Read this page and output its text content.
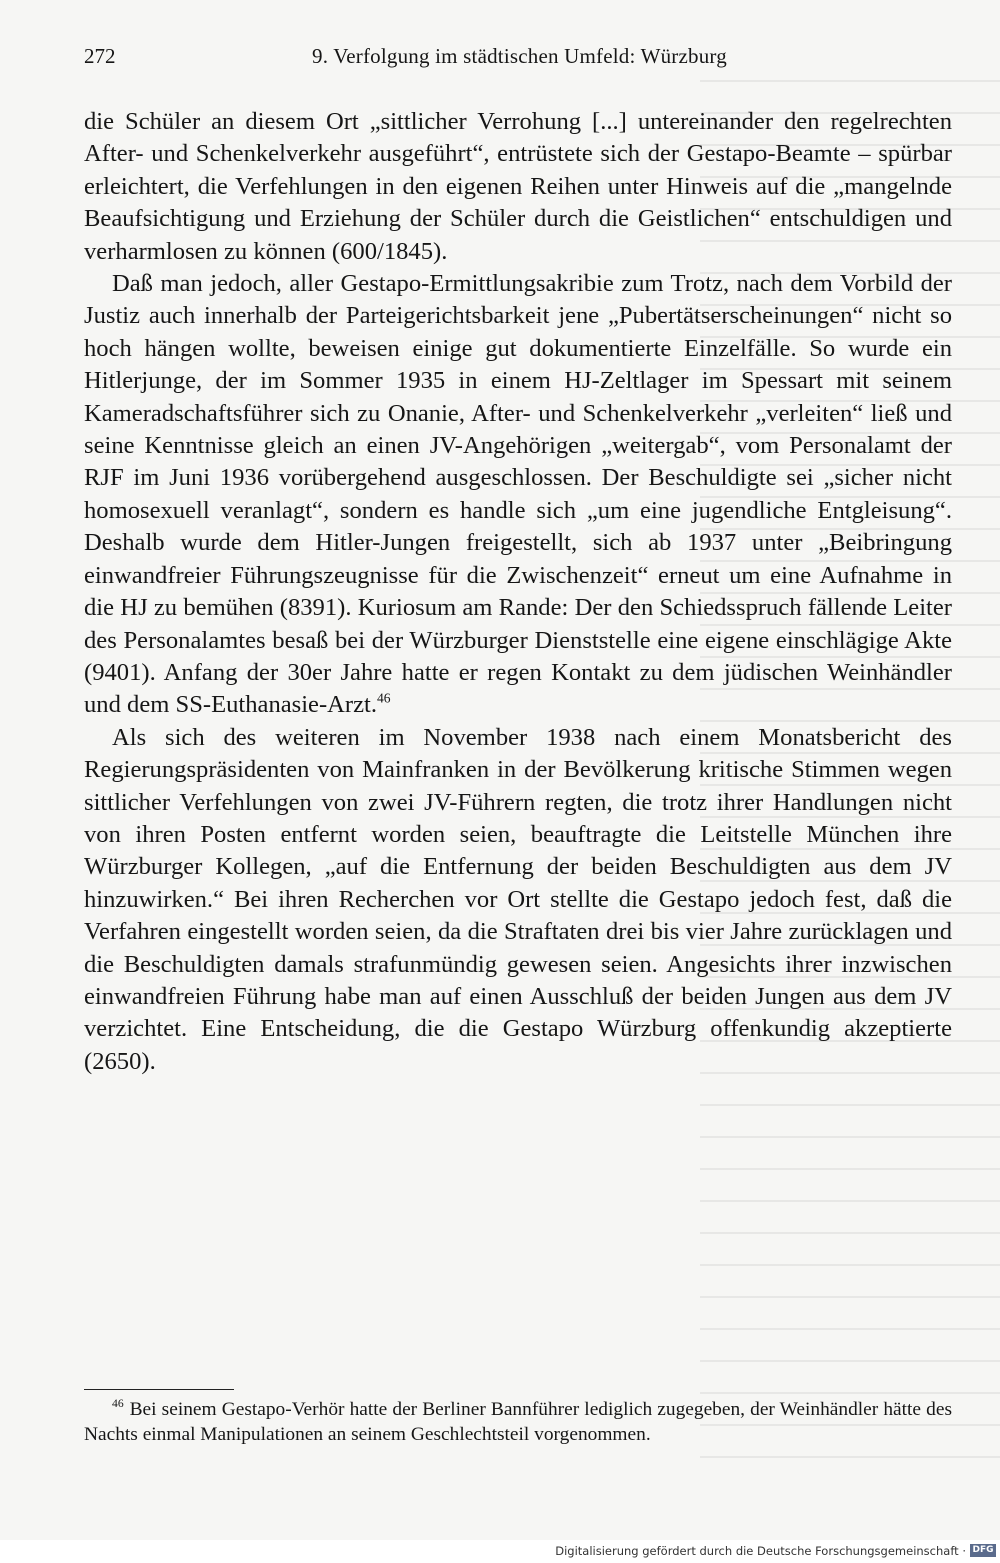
272	9. Verfolgung im städtischen Umfeld: Würzburg

die Schüler an diesem Ort „sittlicher Verrohung [...] untereinander den regelrechten After- und Schenkelverkehr ausgeführt“, entrüstete sich der Gestapo-Beamte – spürbar erleichtert, die Verfehlungen in den eigenen Reihen unter Hinweis auf die „mangelnde Beaufsichtigung und Erziehung der Schüler durch die Geistlichen“ entschuldigen und verharmlosen zu können (600/1845).

Daß man jedoch, aller Gestapo-Ermittlungsakribie zum Trotz, nach dem Vorbild der Justiz auch innerhalb der Parteigerichtsbarkeit jene „Pubertätserscheinungen“ nicht so hoch hängen wollte, beweisen einige gut dokumentierte Einzelfälle. So wurde ein Hitlerjunge, der im Sommer 1935 in einem HJ-Zeltlager im Spessart mit seinem Kameradschaftsführer sich zu Onanie, After- und Schenkelverkehr „verleiten“ ließ und seine Kenntnisse gleich an einen JV-Angehörigen „weitergab“, vom Personalamt der RJF im Juni 1936 vorübergehend ausgeschlossen. Der Beschuldigte sei „sicher nicht homosexuell veranlagt“, sondern es handle sich „um eine jugendliche Entgleisung“. Deshalb wurde dem Hitler-Jungen freigestellt, sich ab 1937 unter „Beibringung einwandfreier Führungszeugnisse für die Zwischenzeit“ erneut um eine Aufnahme in die HJ zu bemühen (8391). Kuriosum am Rande: Der den Schiedsspruch fällende Leiter des Personalamtes besaß bei der Würzburger Dienststelle eine eigene einschlägige Akte (9401). Anfang der 30er Jahre hatte er regen Kontakt zu dem jüdischen Weinhändler und dem SS-Euthanasie-Arzt.$^{46}$

Als sich des weiteren im November 1938 nach einem Monatsbericht des Regierungspräsidenten von Mainfranken in der Bevölkerung kritische Stimmen wegen sittlicher Verfehlungen von zwei JV-Führern regten, die trotz ihrer Handlungen nicht von ihren Posten entfernt worden seien, beauftragte die Leitstelle München ihre Würzburger Kollegen, „auf die Entfernung der beiden Beschuldigten aus dem JV hinzuwirken.“ Bei ihren Recherchen vor Ort stellte die Gestapo jedoch fest, daß die Verfahren eingestellt worden seien, da die Straftaten drei bis vier Jahre zurücklagen und die Beschuldigten damals strafunmündig gewesen seien. Angesichts ihrer inzwischen einwandfreien Führung habe man auf einen Ausschluß der beiden Jungen aus dem JV verzichtet. Eine Entscheidung, die die Gestapo Würzburg offenkundig akzeptierte (2650).

$^{46}$ Bei seinem Gestapo-Verhör hatte der Berliner Bannführer lediglich zugegeben, der Weinhändler hätte des Nachts einmal Manipulationen an seinem Geschlechtsteil vorgenommen.
Digitalisierung gefördert durch die Deutsche Forschungsgemeinschaft · DFG
